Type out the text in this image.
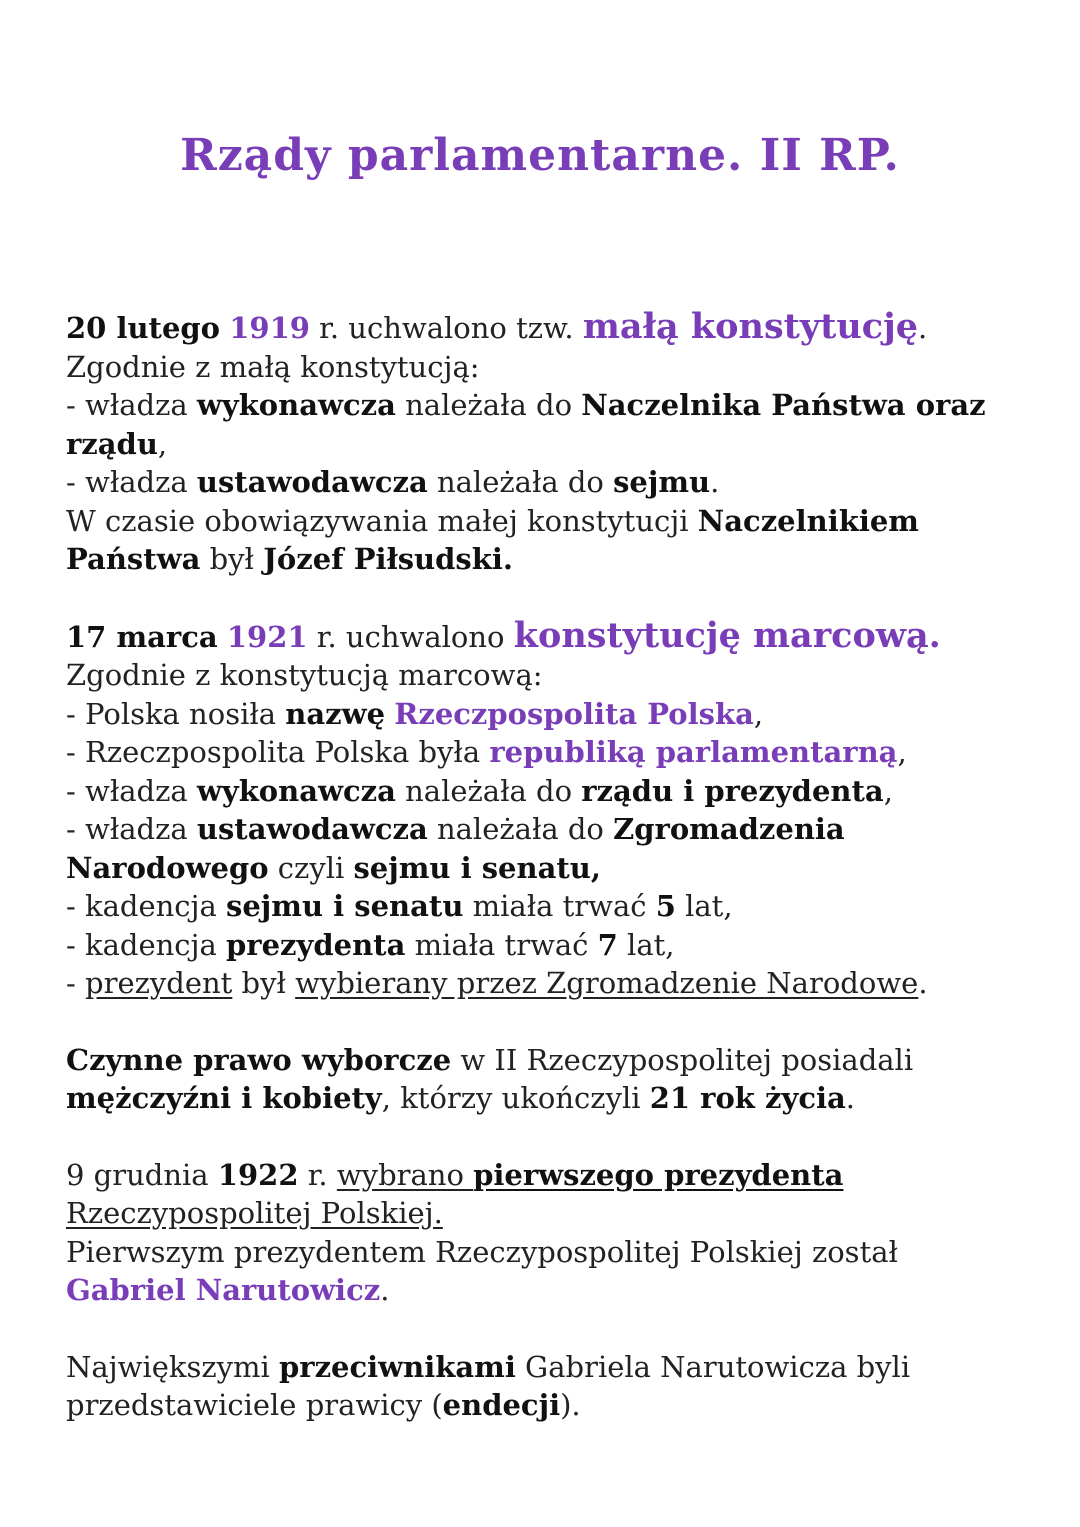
Rządy parlamentarne. II RP.
20 lutego 1919 r. uchwalono tzw. małą konstytucję.
Zgodnie z małą konstytucją:
- władza wykonawcza należała do Naczelnika Państwa oraz rządu,
- władza ustawodawcza należała do sejmu.
W czasie obowiązywania małej konstytucji Naczelnikiem Państwa był Józef Piłsudski.
17 marca 1921 r. uchwalono konstytucję marcową.
Zgodnie z konstytucją marcową:
- Polska nosiła nazwę Rzeczpospolita Polska,
- Rzeczpospolita Polska była republiką parlamentarną,
- władza wykonawcza należała do rządu i prezydenta,
- władza ustawodawcza należała do Zgromadzenia Narodowego czyli sejmu i senatu,
- kadencja sejmu i senatu miała trwać 5 lat,
- kadencja prezydenta miała trwać 7 lat,
- prezydent był wybierany przez Zgromadzenie Narodowe.
Czynne prawo wyborcze w II Rzeczypospolitej posiadali mężczyźni i kobiety, którzy ukończyli 21 rok życia.
9 grudnia 1922 r. wybrano pierwszego prezydenta Rzeczypospolitej Polskiej.
Pierwszym prezydentem Rzeczypospolitej Polskiej został Gabriel Narutowicz.
Największymi przeciwnikami Gabriela Narutowicza byli przedstawiciele prawicy (endecji).
